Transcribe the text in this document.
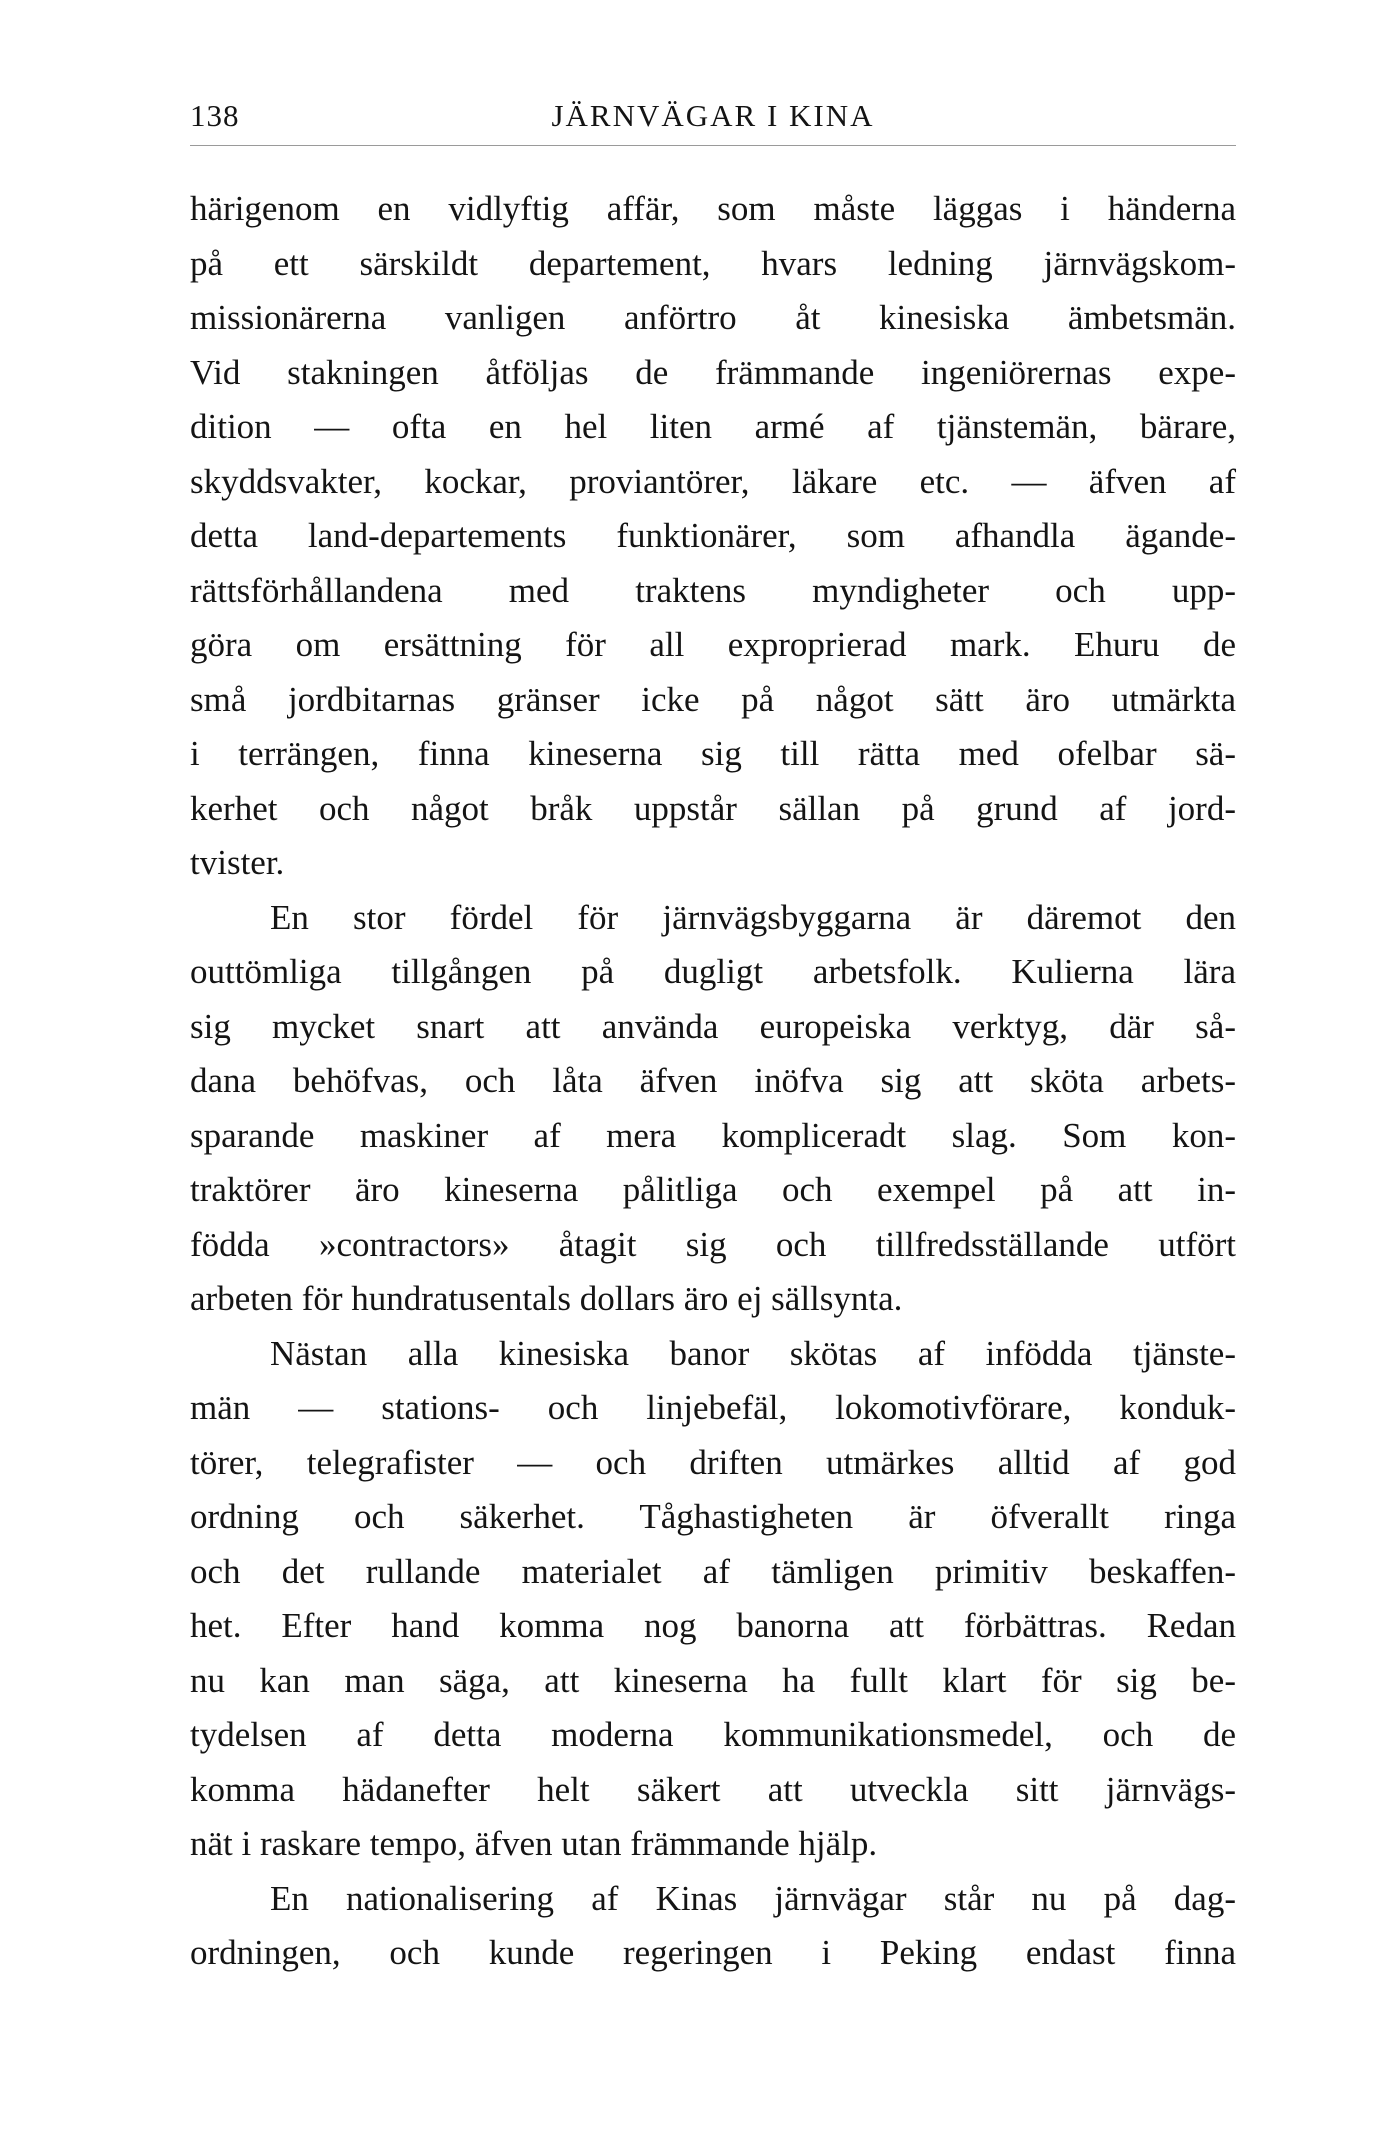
138	JÄRNVÄGAR I KINA
härigenom en vidlyftig affär, som måste läggas i händerna
på ett särskildt departement, hvars ledning järnvägskom-
missionärerna vanligen anförtro åt kinesiska ämbetsmän.
Vid stakningen åtföljas de främmande ingeniörernas expe-
dition — ofta en hel liten armé af tjänstemän, bärare,
skyddsvakter, kockar, proviantörer, läkare etc. — äfven af
detta land-departements funktionärer, som afhandla ägande-
rättsförhållandena med traktens myndigheter och upp-
göra om ersättning för all exproprierad mark. Ehuru de
små jordbitarnas gränser icke på något sätt äro utmärkta
i terrängen, finna kineserna sig till rätta med ofelbar sä-
kerhet och något bråk uppstår sällan på grund af jord-
tvister.
En stor fördel för järnvägsbyggarna är däremot den
outtömliga tillgången på dugligt arbetsfolk. Kulierna lära
sig mycket snart att använda europeiska verktyg, där så-
dana behöfvas, och låta äfven inöfva sig att sköta arbets-
sparande maskiner af mera kompliceradt slag. Som kon-
traktörer äro kineserna pålitliga och exempel på att in-
födda »contractors» åtagit sig och tillfredsställande utfört
arbeten för hundratusentals dollars äro ej sällsynta.
Nästan alla kinesiska banor skötas af infödda tjänste-
män — stations- och linjebefäl, lokomotivförare, konduk-
törer, telegrafister — och driften utmärkes alltid af god
ordning och säkerhet. Tåghastigheten är öfverallt ringa
och det rullande materialet af tämligen primitiv beskaffen-
het. Efter hand komma nog banorna att förbättras. Redan
nu kan man säga, att kineserna ha fullt klart för sig be-
tydelsen af detta moderna kommunikationsmedel, och de
komma hädanefter helt säkert att utveckla sitt järnvägs-
nät i raskare tempo, äfven utan främmande hjälp.
En nationalisering af Kinas järnvägar står nu på dag-
ordningen, och kunde regeringen i Peking endast finna
